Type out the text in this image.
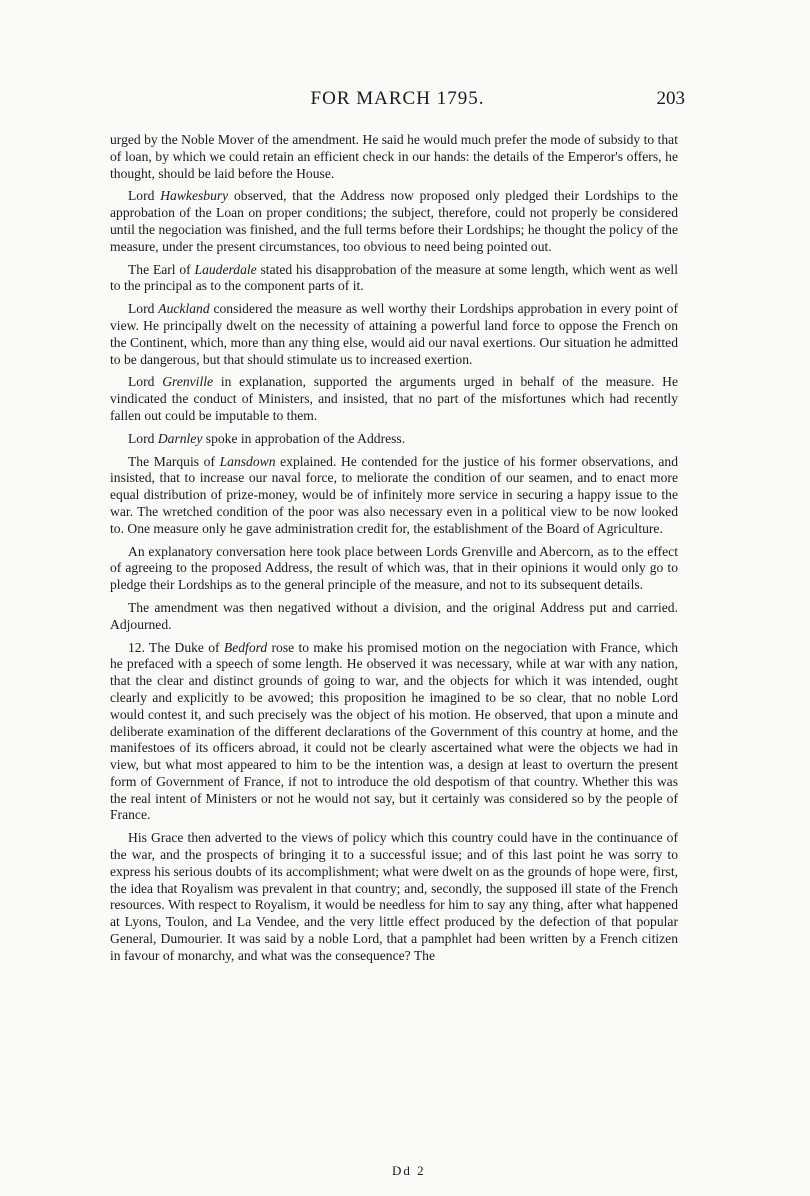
FOR MARCH 1795.	203

urged by the Noble Mover of the amendment. He said he would much prefer the mode of subsidy to that of loan, by which we could retain an efficient check in our hands: the details of the Emperor's offers, he thought, should be laid before the House.

Lord Hawkesbury observed, that the Address now proposed only pledged their Lordships to the approbation of the Loan on proper conditions; the subject, therefore, could not properly be considered until the negociation was finished, and the full terms before their Lordships; he thought the policy of the measure, under the present circumstances, too obvious to need being pointed out.

The Earl of Lauderdale stated his disapprobation of the measure at some length, which went as well to the principal as to the component parts of it.

Lord Auckland considered the measure as well worthy their Lordships approbation in every point of view. He principally dwelt on the necessity of attaining a powerful land force to oppose the French on the Continent, which, more than any thing else, would aid our naval exertions. Our situation he admitted to be dangerous, but that should stimulate us to increased exertion.

Lord Grenville in explanation, supported the arguments urged in behalf of the measure. He vindicated the conduct of Ministers, and insisted, that no part of the misfortunes which had recently fallen out could be imputable to them.

Lord Darnley spoke in approbation of the Address.

The Marquis of Lansdown explained. He contended for the justice of his former observations, and insisted, that to increase our naval force, to meliorate the condition of our seamen, and to enact more equal distribution of prize-money, would be of infinitely more service in securing a happy issue to the war. The wretched condition of the poor was also necessary even in a political view to be now looked to. One measure only he gave administration credit for, the establishment of the Board of Agriculture.

An explanatory conversation here took place between Lords Grenville and Abercorn, as to the effect of agreeing to the proposed Address, the result of which was, that in their opinions it would only go to pledge their Lordships as to the general principle of the measure, and not to its subsequent details.

The amendment was then negatived without a division, and the original Address put and carried. Adjourned.

12. The Duke of Bedford rose to make his promised motion on the negociation with France, which he prefaced with a speech of some length. He observed it was necessary, while at war with any nation, that the clear and distinct grounds of going to war, and the objects for which it was intended, ought clearly and explicitly to be avowed; this proposition he imagined to be so clear, that no noble Lord would contest it, and such precisely was the object of his motion. He observed, that upon a minute and deliberate examination of the different declarations of the Government of this country at home, and the manifestoes of its officers abroad, it could not be clearly ascertained what were the objects we had in view, but what most appeared to him to be the intention was, a design at least to overturn the present form of Government of France, if not to introduce the old despotism of that country. Whether this was the real intent of Ministers or not he would not say, but it certainly was considered so by the people of France.

His Grace then adverted to the views of policy which this country could have in the continuance of the war, and the prospects of bringing it to a successful issue; and of this last point he was sorry to express his serious doubts of its accomplishment; what were dwelt on as the grounds of hope were, first, the idea that Royalism was prevalent in that country; and, secondly, the supposed ill state of the French resources. With respect to Royalism, it would be needless for him to say any thing, after what happened at Lyons, Toulon, and La Vendee, and the very little effect produced by the defection of that popular General, Dumourier. It was said by a noble Lord, that a pamphlet had been written by a French citizen in favour of monarchy, and what was the consequence? The

Dd 2
